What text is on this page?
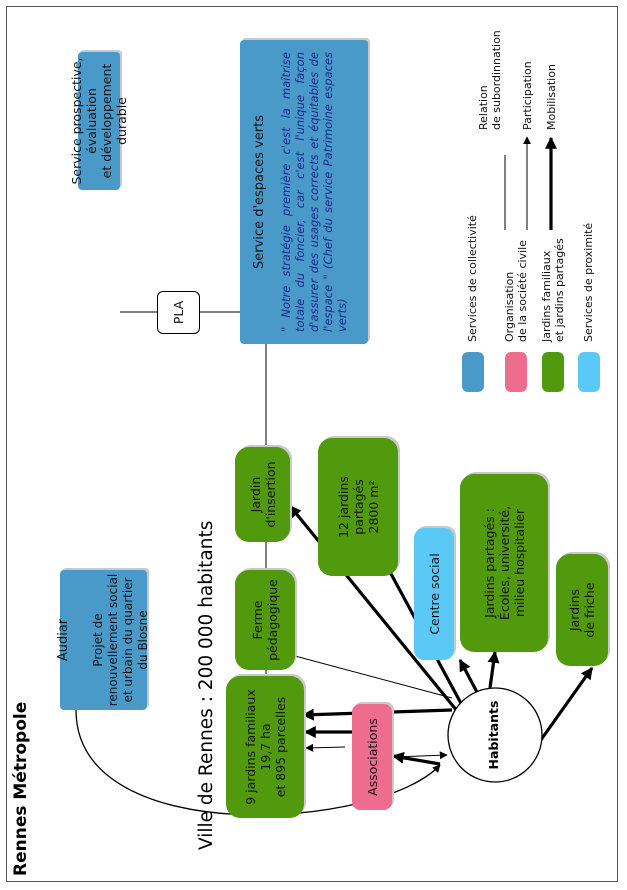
Rennes Métropole	Ville de Rennes : 200 000 habitants
Audiar Projet de renouvellement social
et urbain du quartier du Blosne
Service prospective, évaluation
et développement durable
PLA
Service d'espaces verts " Notre stratégie première c'est la maîtrise totale du foncier, car c'est l'unique façon d'assurer des usages corrects et équitables de l'espace " (Chef du service Patrimoine espaces verts)
9 jardins familiaux
19,7 ha
et 895 parcelles
Ferme
pédagogique
Jardin
d'insertion
12 jardins
partagés
2800 m²
Jardins partagés :
Écoles, université,
milieu hospitalier
Jardins
de friche
Centre social
Associations	Habitants
Services de collectivité Organisation
de la société civile
Jardins familiaux
et jardins partagés Services de proximité
Relation
de subordinnation Participation Mobilisation
